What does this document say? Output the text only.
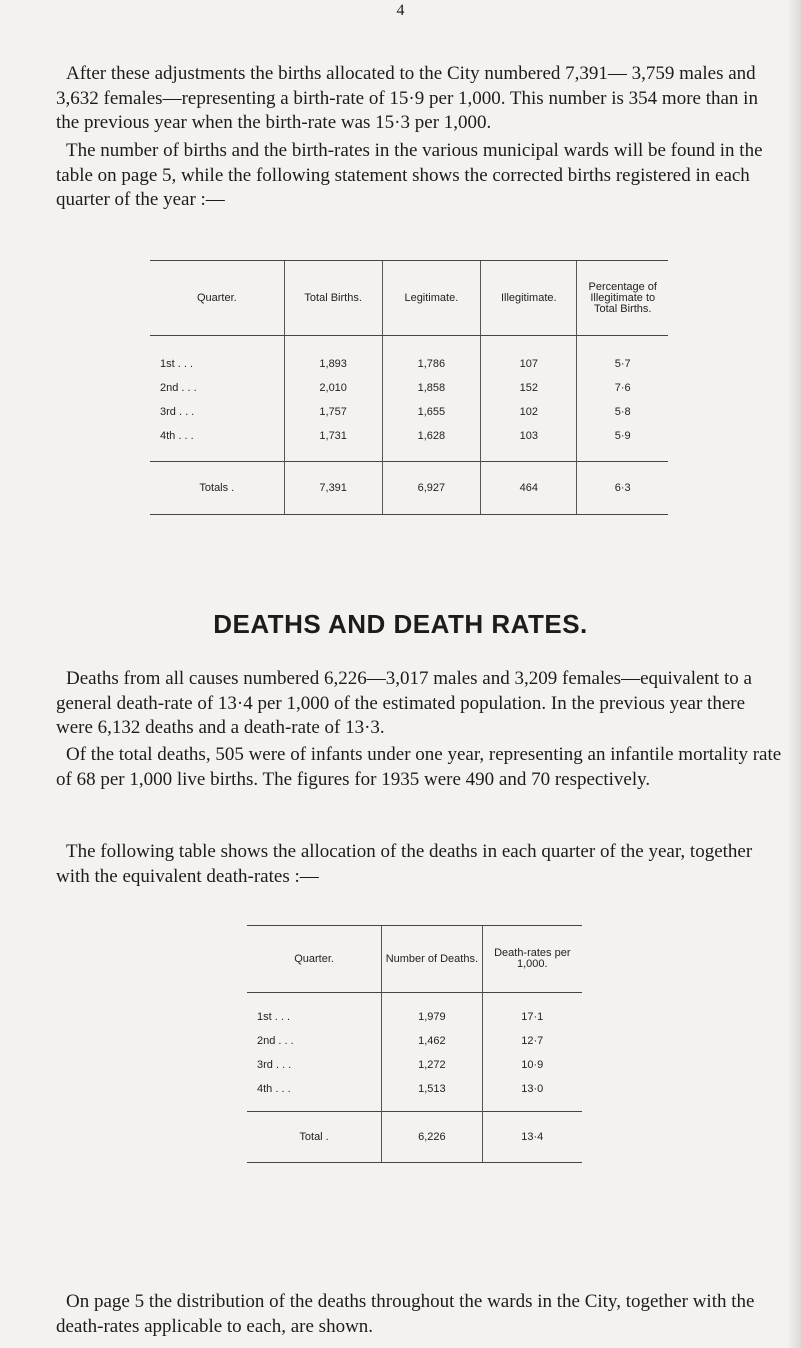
4

After these adjustments the births allocated to the City numbered 7,391— 3,759 males and 3,632 females—representing a birth-rate of 15·9 per 1,000. This number is 354 more than in the previous year when the birth-rate was 15·3 per 1,000.

The number of births and the birth-rates in the various municipal wards will be found in the table on page 5, while the following statement shows the corrected births registered in each quarter of the year :—

Quarter.	Total Births.	Legitimate.	Illegitimate.	Percentage of Illegitimate to Total Births.
1st . . .	1,893	1,786	107	5·7
2nd . . .	2,010	1,858	152	7·6
3rd . . .	1,757	1,655	102	5·8
4th . . .	1,731	1,628	103	5·9
Totals .	7,391	6,927	464	6·3
DEATHS AND DEATH RATES.

Deaths from all causes numbered 6,226—3,017 males and 3,209 females—equivalent to a general death-rate of 13·4 per 1,000 of the estimated population. In the previous year there were 6,132 deaths and a death-rate of 13·3.

Of the total deaths, 505 were of infants under one year, representing an infantile mortality rate of 68 per 1,000 live births. The figures for 1935 were 490 and 70 respectively.

The following table shows the allocation of the deaths in each quarter of the year, together with the equivalent death-rates :—

Quarter.	Number of Deaths.	Death-rates per 1,000.
1st . . .	1,979	17·1
2nd . . .	1,462	12·7
3rd . . .	1,272	10·9
4th . . .	1,513	13·0
Total .	6,226	13·4

On page 5 the distribution of the deaths throughout the wards in the City, together with the death-rates applicable to each, are shown.
